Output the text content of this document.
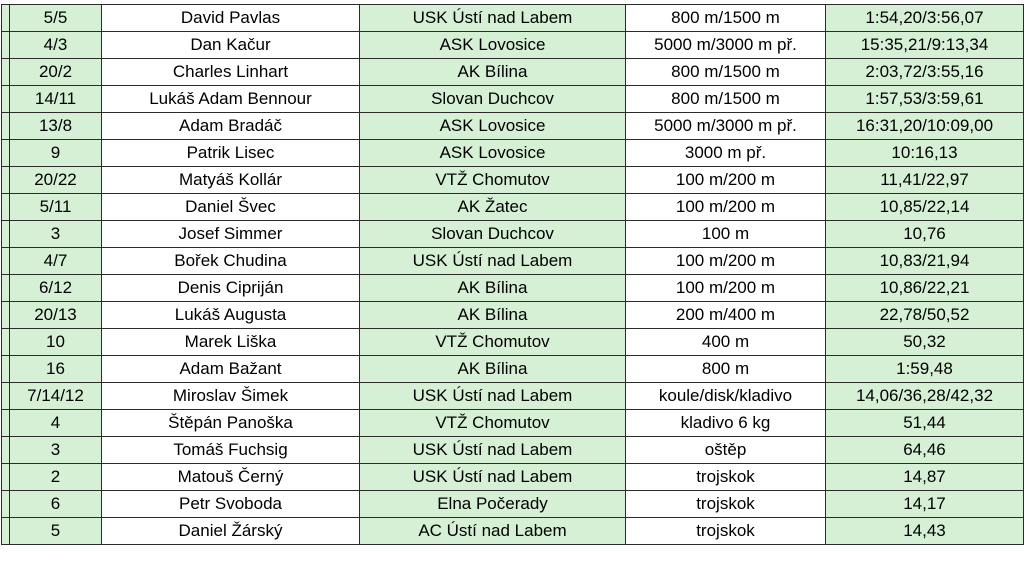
	5/5	David Pavlas	USK Ústí nad Labem	800 m/1500 m	1:54,20/3:56,07
	4/3	Dan Kačur	ASK Lovosice	5000 m/3000 m př.	15:35,21/9:13,34
	20/2	Charles Linhart	AK Bílina	800 m/1500 m	2:03,72/3:55,16
	14/11	Lukáš Adam Bennour	Slovan Duchcov	800 m/1500 m	1:57,53/3:59,61
	13/8	Adam Bradáč	ASK Lovosice	5000 m/3000 m př.	16:31,20/10:09,00
	9	Patrik Lisec	ASK Lovosice	3000 m př.	10:16,13
	20/22	Matyáš Kollár	VTŽ Chomutov	100 m/200 m	11,41/22,97
	5/11	Daniel Švec	AK Žatec	100 m/200 m	10,85/22,14
	3	Josef Simmer	Slovan Duchcov	100 m	10,76
	4/7	Bořek Chudina	USK Ústí nad Labem	100 m/200 m	10,83/21,94
	6/12	Denis Cipriján	AK Bílina	100 m/200 m	10,86/22,21
	20/13	Lukáš Augusta	AK Bílina	200 m/400 m	22,78/50,52
	10	Marek Liška	VTŽ Chomutov	400 m	50,32
	16	Adam Bažant	AK Bílina	800 m	1:59,48
	7/14/12	Miroslav Šimek	USK Ústí nad Labem	koule/disk/kladivo	14,06/36,28/42,32
	4	Štěpán Panoška	VTŽ Chomutov	kladivo 6 kg	51,44
	3	Tomáš Fuchsig	USK Ústí nad Labem	oštěp	64,46
	2	Matouš Černý	USK Ústí nad Labem	trojskok	14,87
	6	Petr Svoboda	Elna Počerady	trojskok	14,17
	5	Daniel Žárský	AC Ústí nad Labem	trojskok	14,43
